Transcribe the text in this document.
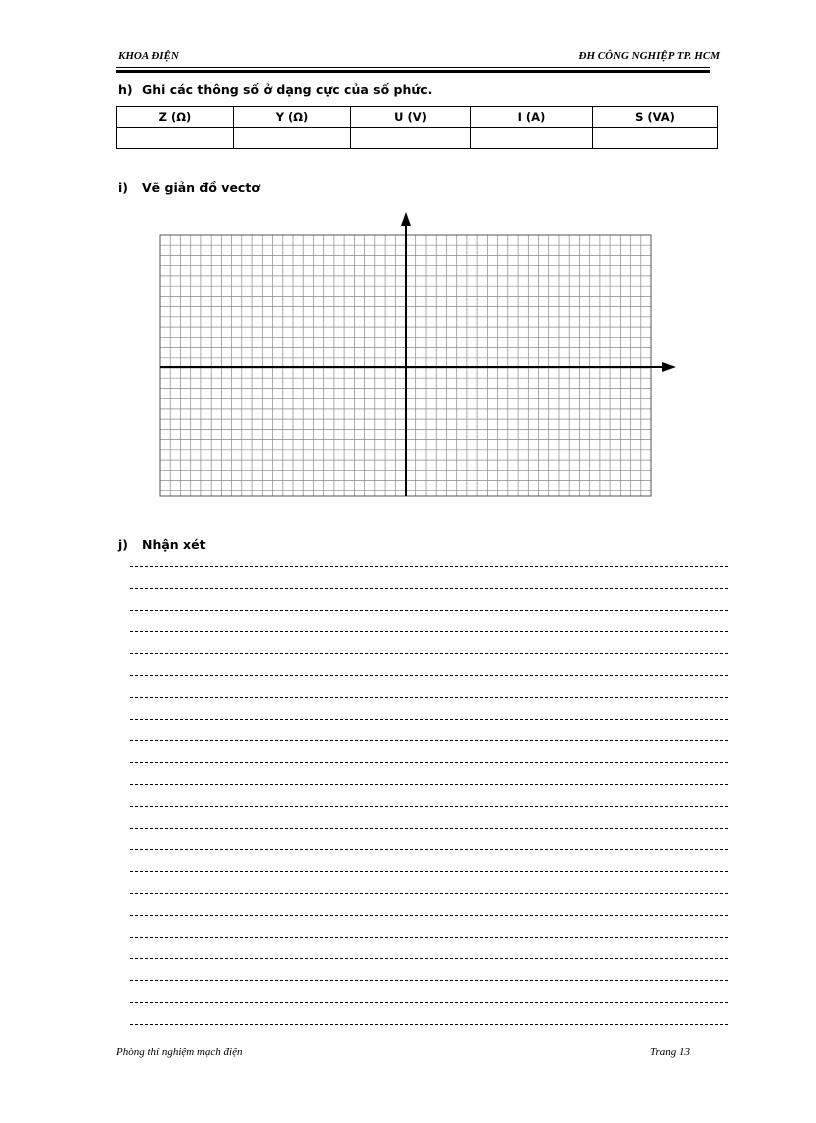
KHOA ĐIỆN	ĐH CÔNG NGHIỆP TP. HCM
h) Ghi các thông số ở dạng cực của số phức.
Z (Ω)	Y (Ω)	U (V)	I (A)	S (VA)

i) Vẽ giản đồ vectơ
j) Nhận xét
Phòng thí nghiệm mạch điện	Trang 13
